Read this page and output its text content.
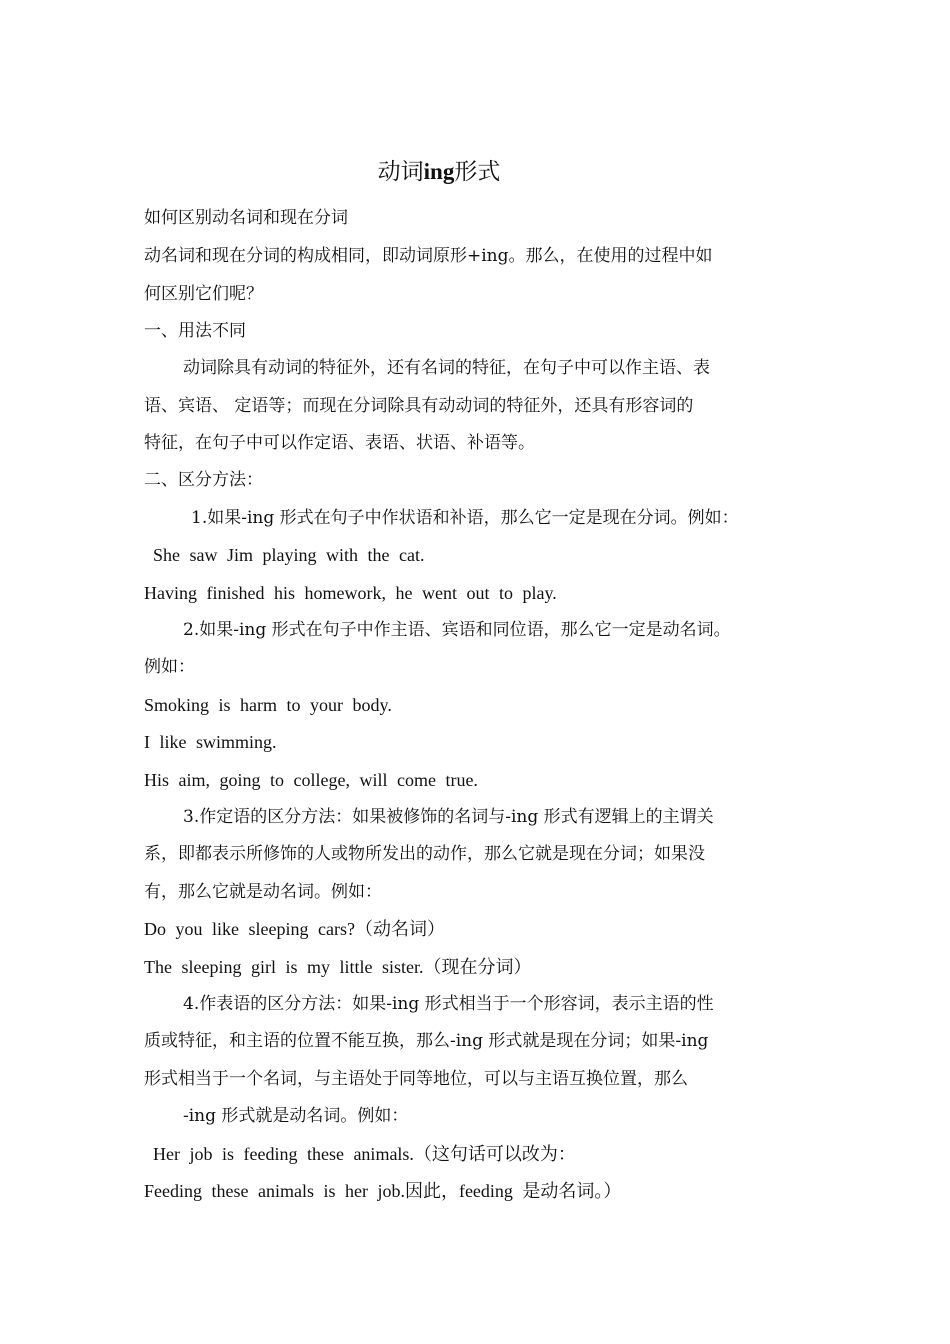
动词ing形式
如何区别动名词和现在分词
动名词和现在分词的构成相同，即动词原形+ing。那么，在使用的过程中如
何区别它们呢？
一、用法不同
动词除具有动词的特征外，还有名词的特征，在句子中可以作主语、表
语、宾语、 定语等；而现在分词除具有动动词的特征外，还具有形容词的
特征，在句子中可以作定语、表语、状语、补语等。
二、区分方法：
1.如果-ing 形式在句子中作状语和补语，那么它一定是现在分词。例如：
She saw Jim playing with the cat.
Having finished his homework, he went out to play.
2.如果-ing 形式在句子中作主语、宾语和同位语，那么它一定是动名词。
例如：
Smoking is harm to your body.
I like swimming.
His aim, going to college, will come true.
3.作定语的区分方法：如果被修饰的名词与-ing 形式有逻辑上的主谓关
系，即都表示所修饰的人或物所发出的动作，那么它就是现在分词；如果没
有，那么它就是动名词。例如：
Do you like sleeping cars?（动名词）
The sleeping girl is my little sister.（现在分词）
4.作表语的区分方法：如果-ing 形式相当于一个形容词，表示主语的性
质或特征，和主语的位置不能互换，那么-ing 形式就是现在分词；如果-ing
形式相当于一个名词，与主语处于同等地位，可以与主语互换位置，那么
-ing 形式就是动名词。例如：
Her job is feeding these animals.（这句话可以改为：
Feeding these animals is her job.因此，feeding 是动名词。）
